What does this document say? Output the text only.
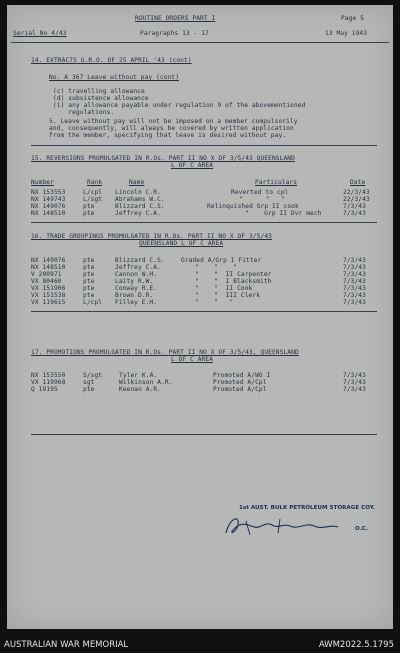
ROUTINE ORDERS PART I	Page 5
Serial No 4/43	Paragraphs 13 - 17	13 May 1943
14. EXTRACTS G.R.O. OF 25 APRIL '43 (cont)
No. A 367 Leave without pay (cont)
(c) travelling allowance
(d) subsistence allowance
(i) any allowance payable under regulation 9 of the abovementioned
regulations.
5. Leave without pay will not be imposed on a member compulsorily
and, consequently, will always be covered by written application
from the member, specifying that leave is desired without pay.
15. REVERSIONS PROMULGATED IN R.Os. PART II NO X OF 3/5/43 QUEENSLAND
L OF C AREA
Number	Rank	Name	Particulars	Date
NX 153553	L/cpl Lincoln C.R.	Reverted to cpl	22/3/43
NX 149743	L/sgt Abrahams W.C.	"      "   "	22/3/43
NX 149076	pte	Blizzard C.S.	Relinquished Grp II cook	7/3/43
NX 148510	pte	Jeffrey C.A.	"    Grp II Dvr mech	7/3/43
16. TRADE GROUPINGS PROMULGATED IN R.Os. PART II NO X OF 3/5/43
QUEENSLAND L OF C AREA
NX 149076	pte	Blizzard C.S.	Graded A/Grp I Fitter	7/3/43
NX 148510	pte	Jeffrey C.A.	"    "    "	7/3/43
V 200971	pte	Cannon W.H.	"    "  II Carpenter	7/3/43
VX 80460	pte	Laity R.W.	"    "  I Blacksmith	7/3/43
VX 151906	pte	Conway R.E.	"    "  II Cook	7/3/43
VX 151538	pte	Brown D.R.	"    "  III Clerk	7/3/43
VX 119615	L/cpl Filley E.H.	"    "   "	7/3/43
17. PROMOTIONS PROMULGATED IN R.Os. PART II NO X OF 3/5/43, QUEENSLAND
L OF C AREA
NX 153550	S/sgt	Tyler K.A.	Promoted A/WO I	7/3/43
VX 119968	sgt	Wilkinson A.R.	Promoted A/Cpl	7/3/43
Q 19195	pte	Keenan A.R.	Promoted A/Cpl	7/3/43
1st AUST. BULK PETROLEUM STORAGE COY.
O.C.
AUSTRALIAN WAR MEMORIAL	AWM2022.5.1795
